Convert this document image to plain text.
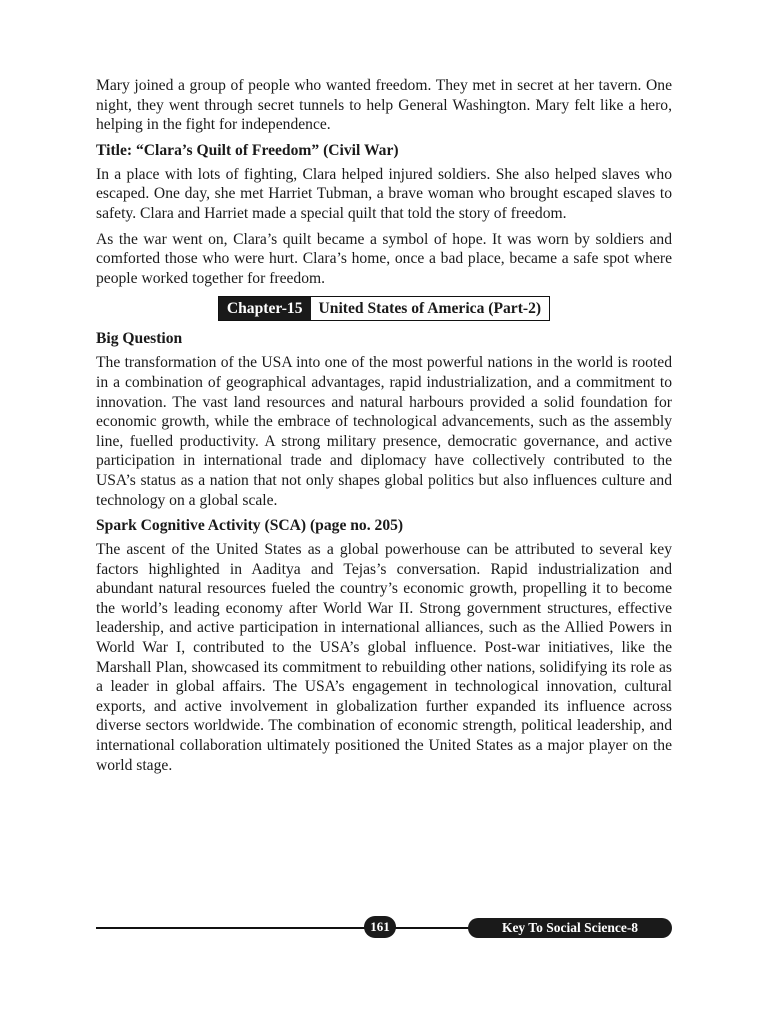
Mary joined a group of people who wanted freedom. They met in secret at her tavern. One night, they went through secret tunnels to help General Washington. Mary felt like a hero, helping in the fight for independence.

Title: “Clara’s Quilt of Freedom” (Civil War)

In a place with lots of fighting, Clara helped injured soldiers. She also helped slaves who escaped. One day, she met Harriet Tubman, a brave woman who brought escaped slaves to safety. Clara and Harriet made a special quilt that told the story of freedom.

As the war went on, Clara’s quilt became a symbol of hope. It was worn by soldiers and comforted those who were hurt. Clara’s home, once a bad place, became a safe spot where people worked together for freedom.

Chapter-15	United States of America (Part-2)
Big Question

The transformation of the USA into one of the most powerful nations in the world is rooted in a combination of geographical advantages, rapid industrialization, and a commitment to innovation. The vast land resources and natural harbours provided a solid foundation for economic growth, while the embrace of technological advancements, such as the assembly line, fuelled productivity. A strong military presence, democratic governance, and active participation in international trade and diplomacy have collectively contributed to the USA’s status as a nation that not only shapes global politics but also influences culture and technology on a global scale.

Spark Cognitive Activity (SCA) (page no. 205)

The ascent of the United States as a global powerhouse can be attributed to several key factors highlighted in Aaditya and Tejas’s conversation. Rapid industrialization and abundant natural resources fueled the country’s economic growth, propelling it to become the world’s leading economy after World War II. Strong government structures, effective leadership, and active participation in international alliances, such as the Allied Powers in World War I, contributed to the USA’s global influence. Post-war initiatives, like the Marshall Plan, showcased its commitment to rebuilding other nations, solidifying its role as a leader in global affairs. The USA’s engagement in technological innovation, cultural exports, and active involvement in globalization further expanded its influence across diverse sectors worldwide. The combination of economic strength, political leadership, and international collaboration ultimately positioned the United States as a major player on the world stage.

161	Key To Social Science-8
